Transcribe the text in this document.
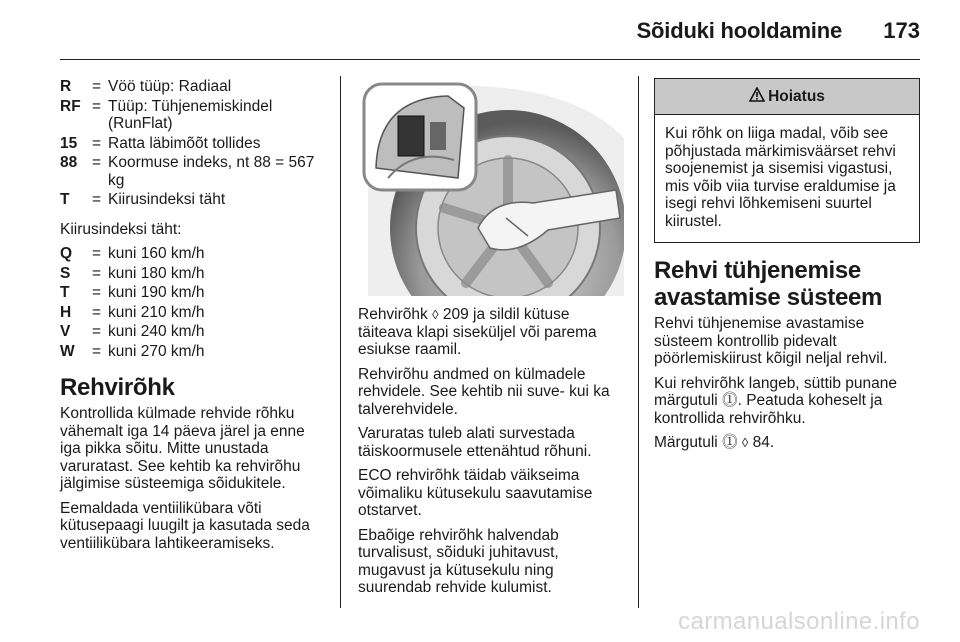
Sõiduki hooldamine 173
R	= Vöö tüüp: Radiaal
RF = Tüüp: Tühjenemiskindel (RunFlat)
15 = Ratta läbimõõt tollides
88 = Koormuse indeks, nt 88 = 567 kg
T	= Kiirusindeksi täht

Kiirusindeksi täht:

Q	= kuni 160 km/h
S	= kuni 180 km/h
T	= kuni 190 km/h
H	= kuni 210 km/h
V	= kuni 240 km/h
W	= kuni 270 km/h
Rehvirõhk

Kontrollida külmade rehvide rõhku vähemalt iga 14 päeva järel ja enne iga pikka sõitu. Mitte unustada varuratast. See kehtib ka rehvirõhu jälgimise süsteemiga sõidukitele.

Eemaldada ventiilikübara võti kütusepaagi luugilt ja kasutada seda ventiilikübara lahtikeeramiseks.

Rehvirõhk ◊ 209 ja sildil kütuse täiteava klapi siseküljel või parema esiukse raamil.

Rehvirõhu andmed on külmadele rehvidele. See kehtib nii suve- kui ka talverehvidele.

Varuratas tuleb alati survestada täiskoormusele ettenähtud rõhuni.

ECO rehvirõhk täidab väikseima võimaliku kütusekulu saavutamise otstarvet.

Ebaõige rehvirõhk halvendab turvalisust, sõiduki juhitavust, mugavust ja kütusekulu ning suurendab rehvide kulumist.

Hoiatus
Kui rõhk on liiga madal, võib see põhjustada märkimisväärset rehvi soojenemist ja sisemisi vigastusi, mis võib viia turvise eraldumise ja isegi rehvi lõhkemiseni suurtel kiirustel.
Rehvi tühjenemise avastamise süsteem

Rehvi tühjenemise avastamise süsteem kontrollib pidevalt pöörlemiskiirust kõigil neljal rehvil.

Kui rehvirõhk langeb, süttib punane märgutuli ⓵. Peatuda koheselt ja kontrollida rehvirõhku.

Märgutuli ⓵ ◊ 84.

carmanualsonline.info
